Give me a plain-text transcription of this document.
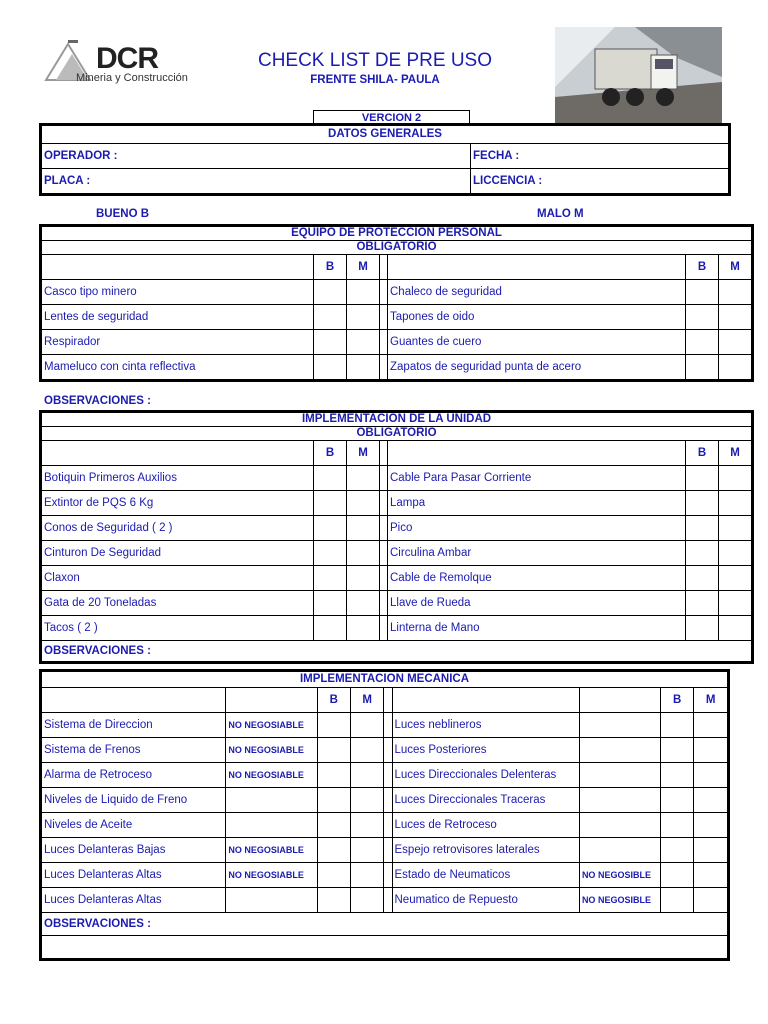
DCR
Mineria y Construcción
CHECK LIST DE PRE USO
FRENTE SHILA- PAULA
VERCION 2
DATOS GENERALES	
OPERADOR :	FECHA :
PLACA :	LICCENCIA :
BUENO B	MALO M
EQUIPO DE PROTECCION PERSONAL						
OBLIGATORIO						
	B	M			B	M
Casco tipo minero				Chaleco de seguridad		
Lentes de seguridad				Tapones de oido		
Respirador				Guantes de cuero		
Mameluco con cinta reflectiva				Zapatos de seguridad punta de acero		
OBSERVACIONES :
IMPLEMENTACION DE LA UNIDAD						
OBLIGATORIO						
	B	M			B	M
Botiquin Primeros Auxilios				Cable Para Pasar Corriente		
Extintor de PQS 6 Kg				Lampa		
Conos de Seguridad ( 2 )				Pico		
Cinturon De Seguridad				Circulina Ambar		
Claxon				Cable de Remolque		
Gata de 20 Toneladas				Llave de Rueda		
Tacos ( 2 )				Linterna de Mano		
OBSERVACIONES :						
IMPLEMENTACION MECANICA								
		B	M				B	M
Sistema de Direccion	NO NEGOSIABLE				Luces neblineros			
Sistema de Frenos	NO NEGOSIABLE				Luces Posteriores			
Alarma de Retroceso	NO NEGOSIABLE				Luces Direccionales Delenteras			
Niveles de Liquido de Freno					Luces Direccionales Traceras			
Niveles de Aceite					Luces de Retroceso			
Luces Delanteras Bajas	NO NEGOSIABLE				Espejo retrovisores laterales			
Luces Delanteras Altas	NO NEGOSIABLE				Estado de Neumaticos	NO NEGOSIBLE		
Luces Delanteras Altas					Neumatico de Repuesto	NO NEGOSIBLE		
OBSERVACIONES :								
